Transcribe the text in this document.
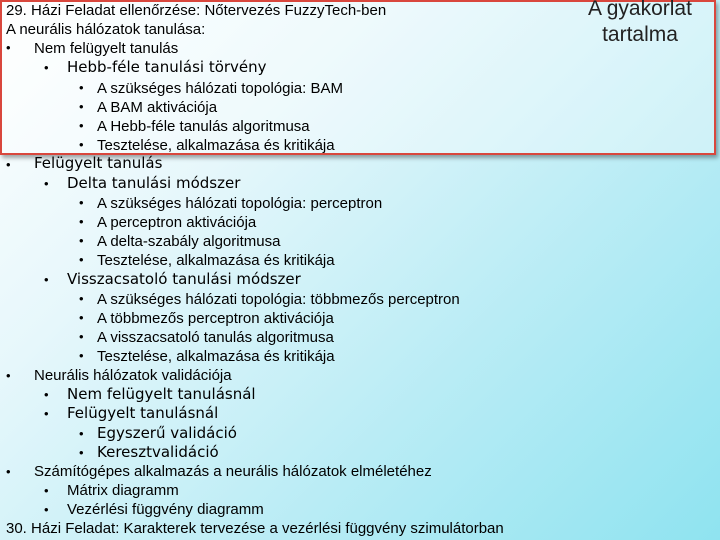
A gyakorlat
tartalma
29. Házi Feladat ellenőrzése: Nőtervezés FuzzyTech-ben
A neurális hálózatok tanulása:
• Nem felügyelt tanulás
• Hebb-féle tanulási törvény
• A szükséges hálózati topológia: BAM
• A BAM aktivációja
• A Hebb-féle tanulás algoritmusa
• Tesztelése, alkalmazása és kritikája
• Felügyelt tanulás
• Delta tanulási módszer
• A szükséges hálózati topológia: perceptron
• A perceptron aktivációja
• A delta-szabály algoritmusa
• Tesztelése, alkalmazása és kritikája
• Visszacsatoló tanulási módszer
• A szükséges hálózati topológia: többmezős perceptron
• A többmezős perceptron aktivációja
• A visszacsatoló tanulás algoritmusa
• Tesztelése, alkalmazása és kritikája
• Neurális hálózatok validációja
• Nem felügyelt tanulásnál
• Felügyelt tanulásnál
• Egyszerű validáció
• Keresztvalidáció
• Számítógépes alkalmazás a neurális hálózatok elméletéhez
• Mátrix diagramm
• Vezérlési függvény diagramm
30. Házi Feladat: Karakterek tervezése a vezérlési függvény szimulátorban
